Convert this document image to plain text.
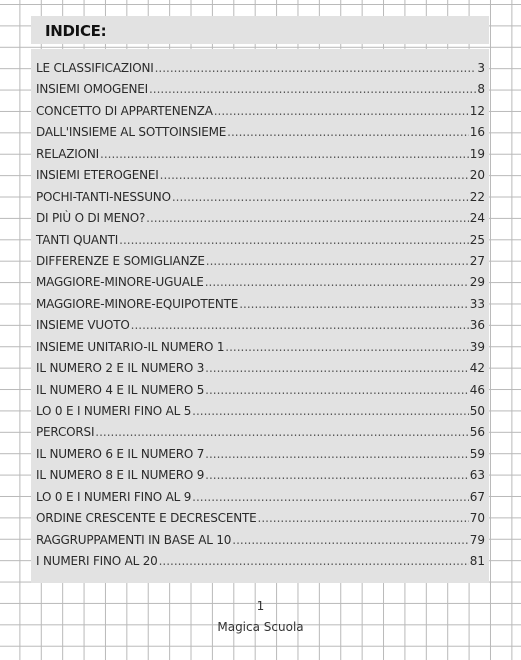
INDICE:
LE CLASSIFICAZIONI .....	3
INSIEMI OMOGENEI .....	8
CONCETTO DI APPARTENENZA .....	12
DALL'INSIEME AL SOTTOINSIEME .....	16
RELAZIONI .....	19
INSIEMI ETEROGENEI .....	20
POCHI-TANTI-NESSUNO .....	22
DI PIÙ O DI MENO? .....	24
TANTI QUANTI .....	25
DIFFERENZE E SOMIGLIANZE .....	27
MAGGIORE-MINORE-UGUALE .....	29
MAGGIORE-MINORE-EQUIPOTENTE .....	33
INSIEME VUOTO .....	36
INSIEME UNITARIO-IL NUMERO 1 .....	39
IL NUMERO 2 E IL NUMERO 3 .....	42
IL NUMERO 4 E IL NUMERO 5 .....	46
LO 0 E I NUMERI FINO AL 5 .....	50
PERCORSI .....	56
IL NUMERO 6 E IL NUMERO 7 .....	59
IL NUMERO 8 E IL NUMERO 9 .....	63
LO 0 E I NUMERI FINO AL 9 .....	67
ORDINE CRESCENTE E DECRESCENTE .....	70
RAGGRUPPAMENTI IN BASE AL 10 .....	79
I NUMERI FINO AL 20 .....	81
1
Magica Scuola
